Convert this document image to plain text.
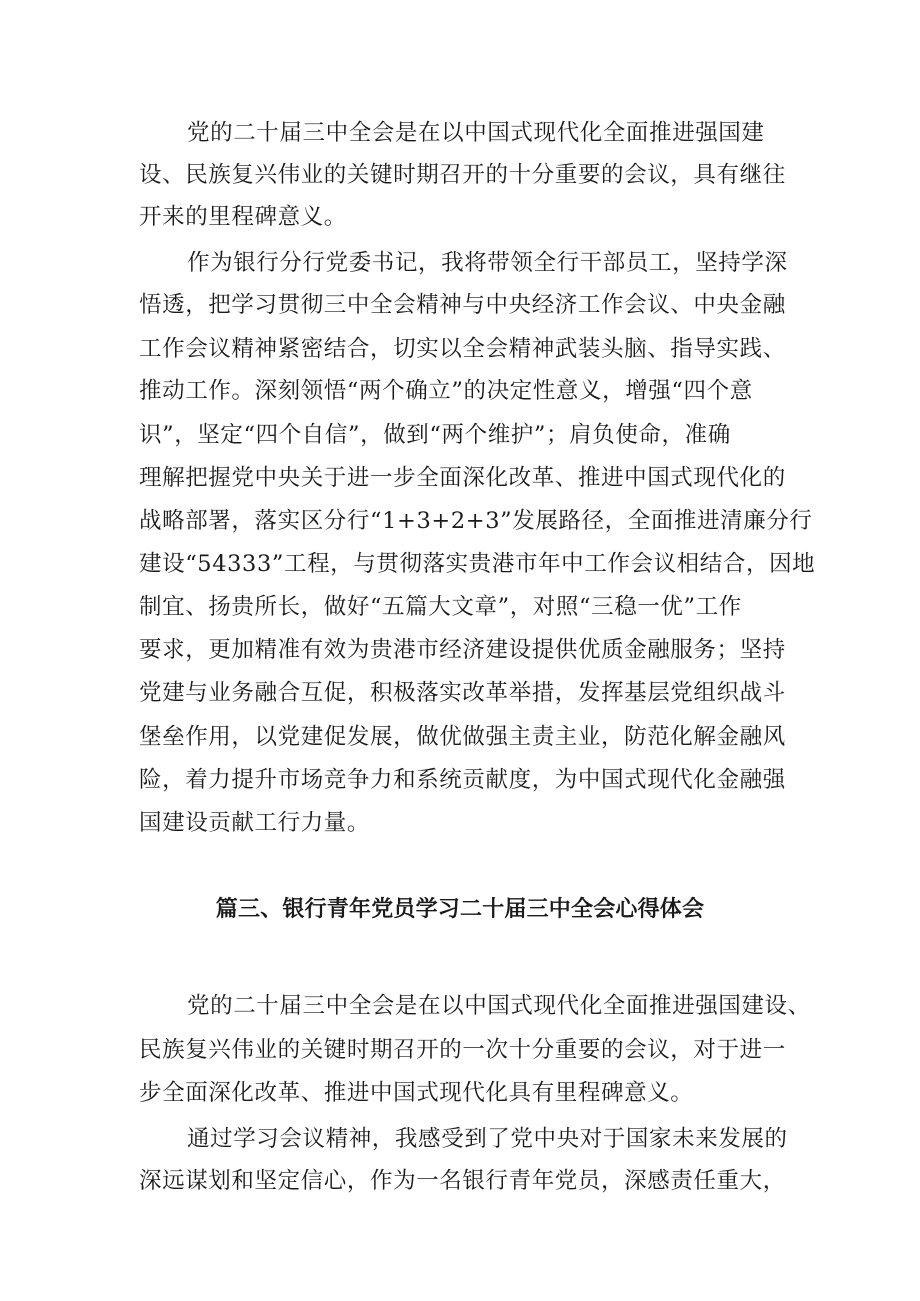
党的二十届三中全会是在以中国式现代化全面推进强国建

设、民族复兴伟业的关键时期召开的十分重要的会议，具有继往

开来的里程碑意义。

作为银行分行党委书记，我将带领全行干部员工，坚持学深

悟透，把学习贯彻三中全会精神与中央经济工作会议、中央金融

工作会议精神紧密结合，切实以全会精神武装头脑、指导实践、

推动工作。深刻领悟“两个确立”的决定性意义，增强“四个意

识”，坚定“四个自信”，做到“两个维护”；肩负使命，准确

理解把握党中央关于进一步全面深化改革、推进中国式现代化的

战略部署，落实区分行“1+3+2+3”发展路径，全面推进清廉分行

建设“54333”工程，与贯彻落实贵港市年中工作会议相结合，因地

制宜、扬贵所长，做好“五篇大文章”，对照“三稳一优”工作

要求，更加精准有效为贵港市经济建设提供优质金融服务；坚持

党建与业务融合互促，积极落实改革举措，发挥基层党组织战斗

堡垒作用，以党建促发展，做优做强主责主业，防范化解金融风

险，着力提升市场竞争力和系统贡献度，为中国式现代化金融强

国建设贡献工行力量。

篇三、银行青年党员学习二十届三中全会心得体会

党的二十届三中全会是在以中国式现代化全面推进强国建设、

民族复兴伟业的关键时期召开的一次十分重要的会议，对于进一

步全面深化改革、推进中国式现代化具有里程碑意义。

通过学习会议精神，我感受到了党中央对于国家未来发展的

深远谋划和坚定信心，作为一名银行青年党员，深感责任重大，
